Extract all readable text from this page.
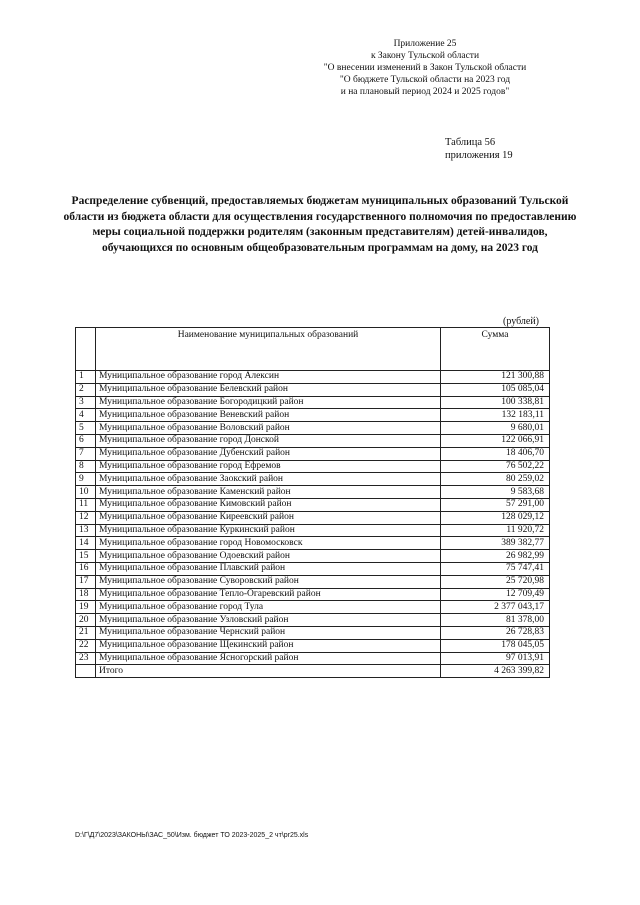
Приложение 25
к Закону Тульской области
"О внесении изменений в Закон Тульской области
"О бюджете Тульской области на 2023 год
и на плановый период 2024 и 2025 годов"
Таблица 56
приложения 19
Распределение субвенций, предоставляемых бюджетам муниципальных образований Тульской области из бюджета области для осуществления государственного полномочия по предоставлению меры социальной поддержки родителям (законным представителям) детей-инвалидов, обучающихся по основным общеобразовательным программам на дому, на 2023 год
(рублей)
	Наименование муниципальных образований	Сумма
1	Муниципальное образование город Алексин	121 300,88
2	Муниципальное образование Белевский район	105 085,04
3	Муниципальное образование Богородицкий район	100 338,81
4	Муниципальное образование Веневский район	132 183,11
5	Муниципальное образование Воловский район	9 680,01
6	Муниципальное образование город Донской	122 066,91
7	Муниципальное образование Дубенский район	18 406,70
8	Муниципальное образование город Ефремов	76 502,22
9	Муниципальное образование Заокский район	80 259,02
10	Муниципальное образование Каменский район	9 583,68
11	Муниципальное образование Кимовский район	57 291,00
12	Муниципальное образование Киреевский район	128 029,12
13	Муниципальное образование Куркинский район	11 920,72
14	Муниципальное образование город Новомосковск	389 382,77
15	Муниципальное образование Одоевский район	26 982,99
16	Муниципальное образование Плавский район	75 747,41
17	Муниципальное образование Суворовский район	25 720,98
18	Муниципальное образование Тепло-Огаревский район	12 709,49
19	Муниципальное образование город Тула	2 377 043,17
20	Муниципальное образование Узловский район	81 378,00
21	Муниципальное образование Чернский район	26 728,83
22	Муниципальное образование Щекинский район	178 045,05
23	Муниципальное образование Ясногорский район	97 013,91
	Итого	4 263 399,82
D:\Г\Д7\2023\ЗАКОНЫ\ЗАС_50\Изм. бюджет ТО 2023-2025_2 чт\pr25.xls
